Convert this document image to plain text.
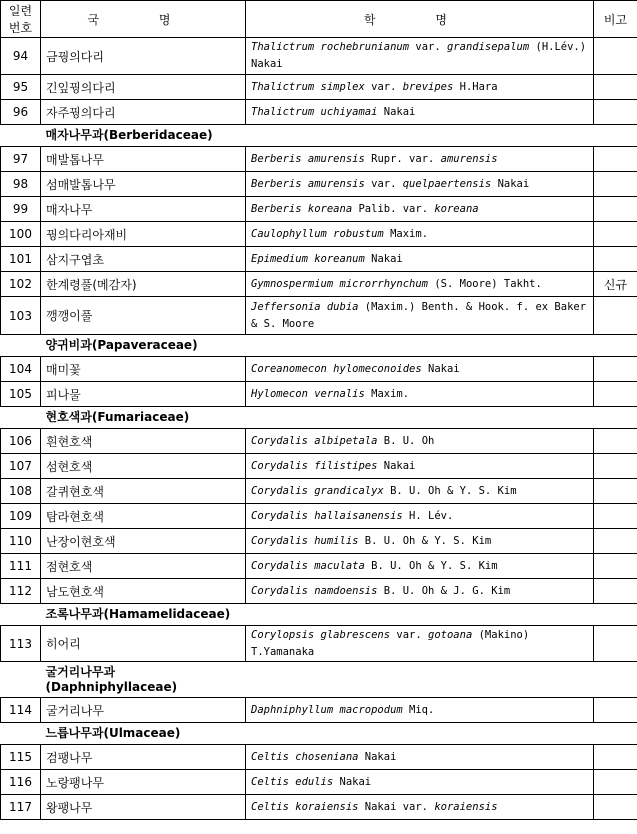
일련
번호	국 명	학 명	비고
94	금꿩의다리	Thalictrum rochebrunianum var. grandisepalum (H.Lév.) Nakai	
95	긴잎꿩의다리	Thalictrum simplex var. brevipes H.Hara	
96	자주꿩의다리	Thalictrum uchiyamai Nakai	
	매자나무과(Berberidaceae)		
97	매발톱나무	Berberis amurensis Rupr. var. amurensis	
98	섬매발톱나무	Berberis amurensis var. quelpaertensis Nakai	
99	매자나무	Berberis koreana Palib. var. koreana	
100	꿩의다리아재비	Caulophyllum robustum Maxim.	
101	삼지구엽초	Epimedium koreanum Nakai	
102	한계령풀(메감자)	Gymnospermium microrrhynchum (S. Moore) Takht.	신규
103	깽깽이풀	Jeffersonia dubia (Maxim.) Benth. & Hook. f. ex Baker & S. Moore	
	양귀비과(Papaveraceae)		
104	매미꽃	Coreanomecon hylomeconoides Nakai	
105	피나물	Hylomecon vernalis Maxim.	
	현호색과(Fumariaceae)		
106	흰현호색	Corydalis albipetala B. U. Oh	
107	섬현호색	Corydalis filistipes Nakai	
108	갈퀴현호색	Corydalis grandicalyx B. U. Oh & Y. S. Kim	
109	탐라현호색	Corydalis hallaisanensis H. Lév.	
110	난장이현호색	Corydalis humilis B. U. Oh & Y. S. Kim	
111	점현호색	Corydalis maculata B. U. Oh & Y. S. Kim	
112	남도현호색	Corydalis namdoensis B. U. Oh & J. G. Kim	
	조록나무과(Hamamelidaceae)		
113	히어리	Corylopsis glabrescens var. gotoana (Makino) T.Yamanaka	
	굴거리나무과
(Daphniphyllaceae)		
114	굴거리나무	Daphniphyllum macropodum Miq.	
	느릅나무과(Ulmaceae)		
115	검팽나무	Celtis choseniana Nakai	
116	노랑팽나무	Celtis edulis Nakai	
117	왕팽나무	Celtis koraiensis Nakai var. koraiensis	
